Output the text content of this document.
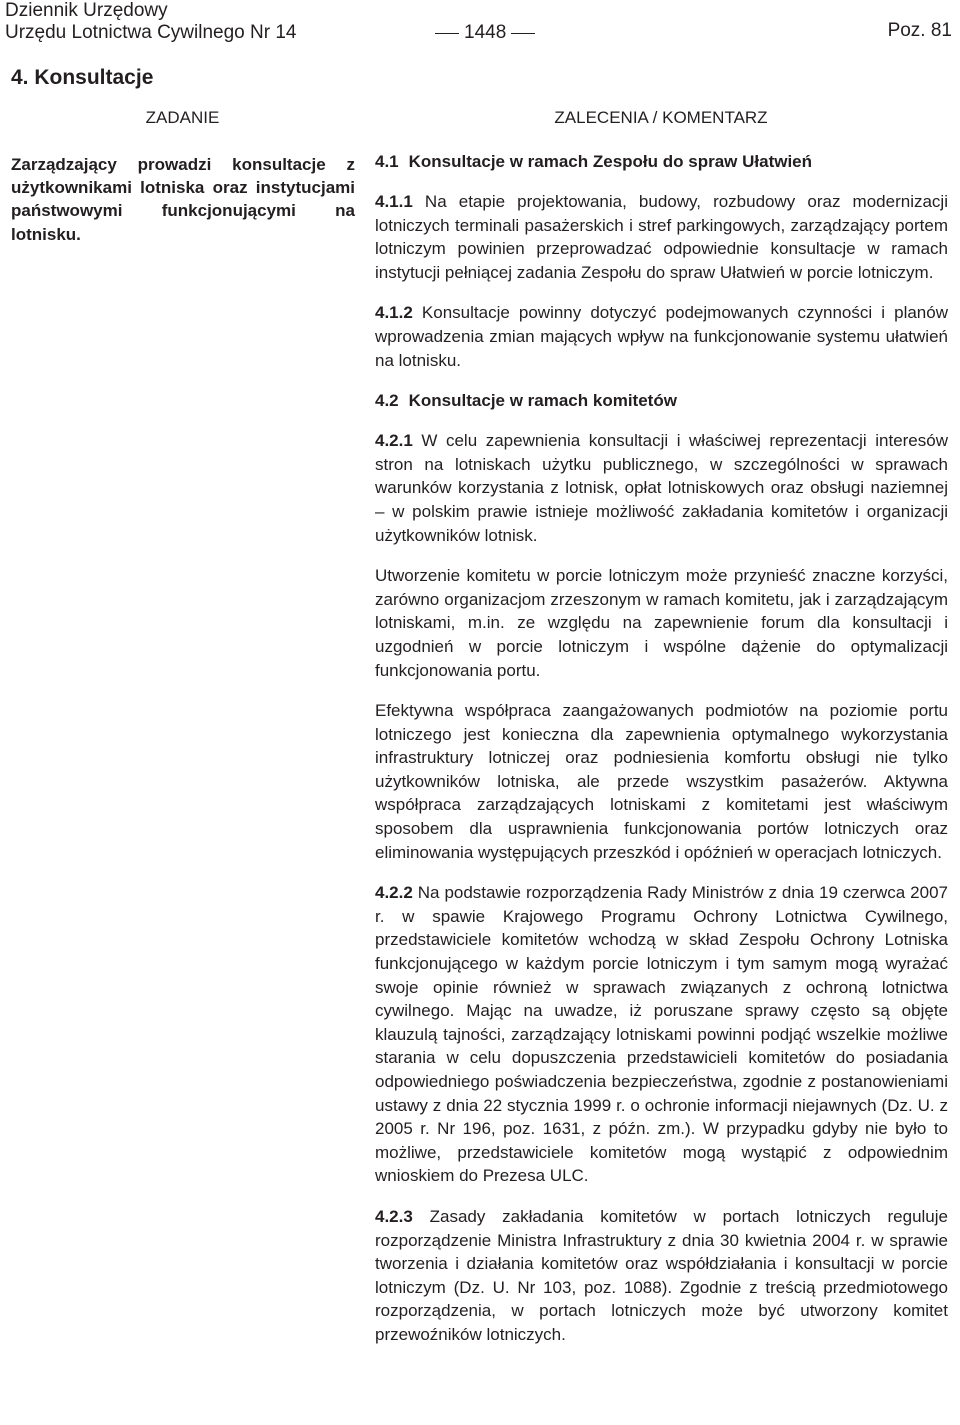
Dziennik Urzędowy
Urzędu Lotnictwa Cywilnego Nr 14	1448	Poz. 81
4. Konsultacje
ZADANIE	ZALECENIA / KOMENTARZ
Zarządzający prowadzi konsultacje z użytkownikami lotniska oraz instytucjami państwowymi funkcjonującymi na lotnisku.
4.1 Konsultacje w ramach Zespołu do spraw Ułatwień

4.1.1 Na etapie projektowania, budowy, rozbudowy oraz modernizacji lotniczych terminali pasażerskich i stref parkingowych, zarządzający portem lotniczym powinien przeprowadzać odpowiednie konsultacje w ramach instytucji pełniącej zadania Zespołu do spraw Ułatwień w porcie lotniczym.

4.1.2 Konsultacje powinny dotyczyć podejmowanych czynności i planów wprowadzenia zmian mających wpływ na funkcjonowanie systemu ułatwień na lotnisku.

4.2 Konsultacje w ramach komitetów

4.2.1 W celu zapewnienia konsultacji i właściwej reprezentacji interesów stron na lotniskach użytku publicznego, w szczególności w sprawach warunków korzystania z lotnisk, opłat lotniskowych oraz obsługi naziemnej – w polskim prawie istnieje możliwość zakładania komitetów i organizacji użytkowników lotnisk.

Utworzenie komitetu w porcie lotniczym może przynieść znaczne korzyści, zarówno organizacjom zrzeszonym w ramach komitetu, jak i zarządzającym lotniskami, m.in. ze względu na zapewnienie forum dla konsultacji i uzgodnień w porcie lotniczym i wspólne dążenie do optymalizacji funkcjonowania portu.

Efektywna współpraca zaangażowanych podmiotów na poziomie portu lotniczego jest konieczna dla zapewnienia optymalnego wykorzystania infrastruktury lotniczej oraz podniesienia komfortu obsługi nie tylko użytkowników lotniska, ale przede wszystkim pasażerów. Aktywna współpraca zarządzających lotniskami z komitetami jest właściwym sposobem dla usprawnienia funkcjonowania portów lotniczych oraz eliminowania występujących przeszkód i opóźnień w operacjach lotniczych.

4.2.2 Na podstawie rozporządzenia Rady Ministrów z dnia 19 czerwca 2007 r. w spawie Krajowego Programu Ochrony Lotnictwa Cywilnego, przedstawiciele komitetów wchodzą w skład Zespołu Ochrony Lotniska funkcjonującego w każdym porcie lotniczym i tym samym mogą wyrażać swoje opinie również w sprawach związanych z ochroną lotnictwa cywilnego. Mając na uwadze, iż poruszane sprawy często są objęte klauzulą tajności, zarządzający lotniskami powinni podjąć wszelkie możliwe starania w celu dopuszczenia przedstawicieli komitetów do posiadania odpowiedniego poświadczenia bezpieczeństwa, zgodnie z postanowieniami ustawy z dnia 22 stycznia 1999 r. o ochronie informacji niejawnych (Dz. U. z 2005 r. Nr 196, poz. 1631, z późn. zm.). W przypadku gdyby nie było to możliwe, przedstawiciele komitetów mogą wystąpić z odpowiednim wnioskiem do Prezesa ULC.

4.2.3 Zasady zakładania komitetów w portach lotniczych reguluje rozporządzenie Ministra Infrastruktury z dnia 30 kwietnia 2004 r. w sprawie tworzenia i działania komitetów oraz współdziałania i konsultacji w porcie lotniczym (Dz. U. Nr 103, poz. 1088). Zgodnie z treścią przedmiotowego rozporządzenia, w portach lotniczych może być utworzony komitet przewoźników lotniczych.
